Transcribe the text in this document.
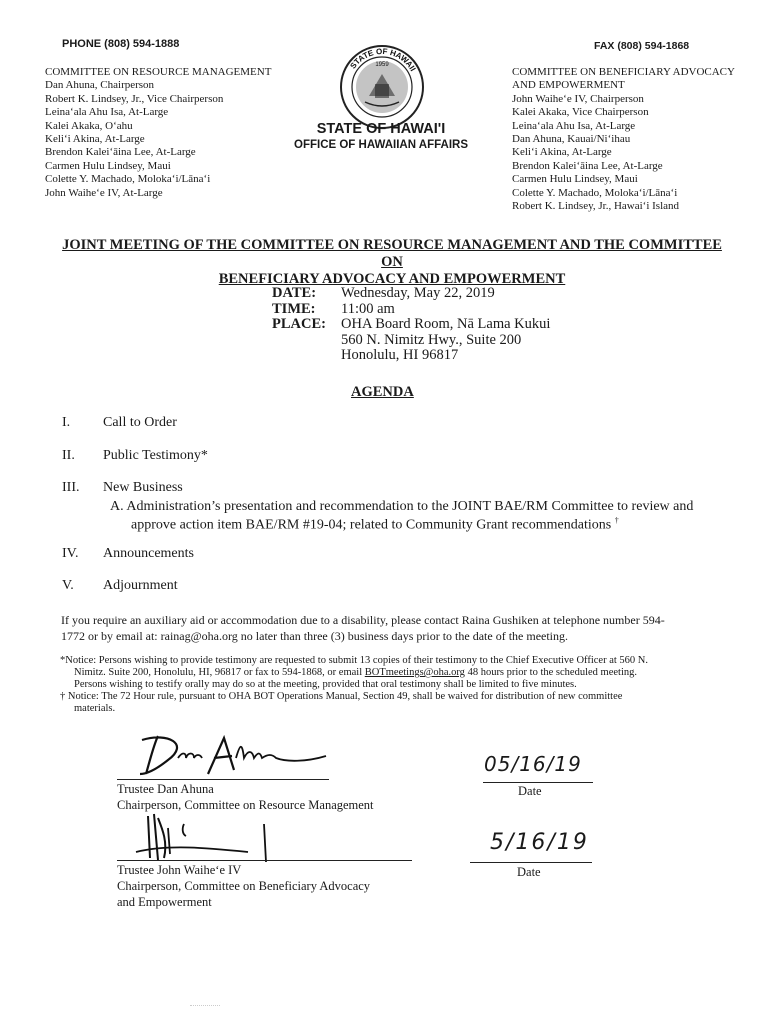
PHONE (808) 594-1888	FAX (808) 594-1868
COMMITTEE ON RESOURCE MANAGEMENT
Dan Ahuna, Chairperson
Robert K. Lindsey, Jr., Vice Chairperson
Leinaʻala Ahu Isa, At-Large
Kalei Akaka, Oʻahu
Keliʻi Akina, At-Large
Brendon Kaleiʻāina Lee, At-Large
Carmen Hulu Lindsey, Maui
Colette Y. Machado, Molokaʻi/Lānaʻi
John Waiheʻe IV, At-Large
COMMITTEE ON BENEFICIARY ADVOCACY
AND EMPOWERMENT
John Waiheʻe IV, Chairperson
Kalei Akaka, Vice Chairperson
Leinaʻala Ahu Isa, At-Large
Dan Ahuna, Kauai/Niʻihau
Keliʻi Akina, At-Large
Brendon Kaleiʻāina Lee, At-Large
Carmen Hulu Lindsey, Maui
Colette Y. Machado, Molokaʻi/Lānaʻi
Robert K. Lindsey, Jr., Hawaiʻi Island
STATE OF HAWAII
1959
STATE OF HAWAI'I
OFFICE OF HAWAIIAN AFFAIRS
JOINT MEETING OF THE COMMITTEE ON RESOURCE MANAGEMENT AND THE COMMITTEE ON
BENEFICIARY ADVOCACY AND EMPOWERMENT
DATE:
TIME:
PLACE:
Wednesday, May 22, 2019
11:00 am
OHA Board Room, Nā Lama Kukui
560 N. Nimitz Hwy., Suite 200
Honolulu, HI 96817
AGENDA
I. Call to Order
II. Public Testimony*
III. New Business
A. Administration’s presentation and recommendation to the JOINT BAE/RM Committee to review and
approve action item BAE/RM #19-04; related to Community Grant recommendations †
IV. Announcements
V. Adjournment
If you require an auxiliary aid or accommodation due to a disability, please contact Raina Gushiken at telephone number 594-
1772 or by email at: rainag@oha.org no later than three (3) business days prior to the date of the meeting.
*Notice: Persons wishing to provide testimony are requested to submit 13 copies of their testimony to the Chief Executive Officer at 560 N.
Nimitz. Suite 200, Honolulu, HI, 96817 or fax to 594-1868, or email BOTmeetings@oha.org 48 hours prior to the scheduled meeting.
Persons wishing to testify orally may do so at the meeting, provided that oral testimony shall be limited to five minutes.
† Notice: The 72 Hour rule, pursuant to OHA BOT Operations Manual, Section 49, shall be waived for distribution of new committee
materials.
Trustee Dan Ahuna
Chairperson, Committee on Resource Management
05/16/19
Date
Trustee John Waiheʻe IV
Chairperson, Committee on Beneficiary Advocacy
and Empowerment
5/16/19
Date
